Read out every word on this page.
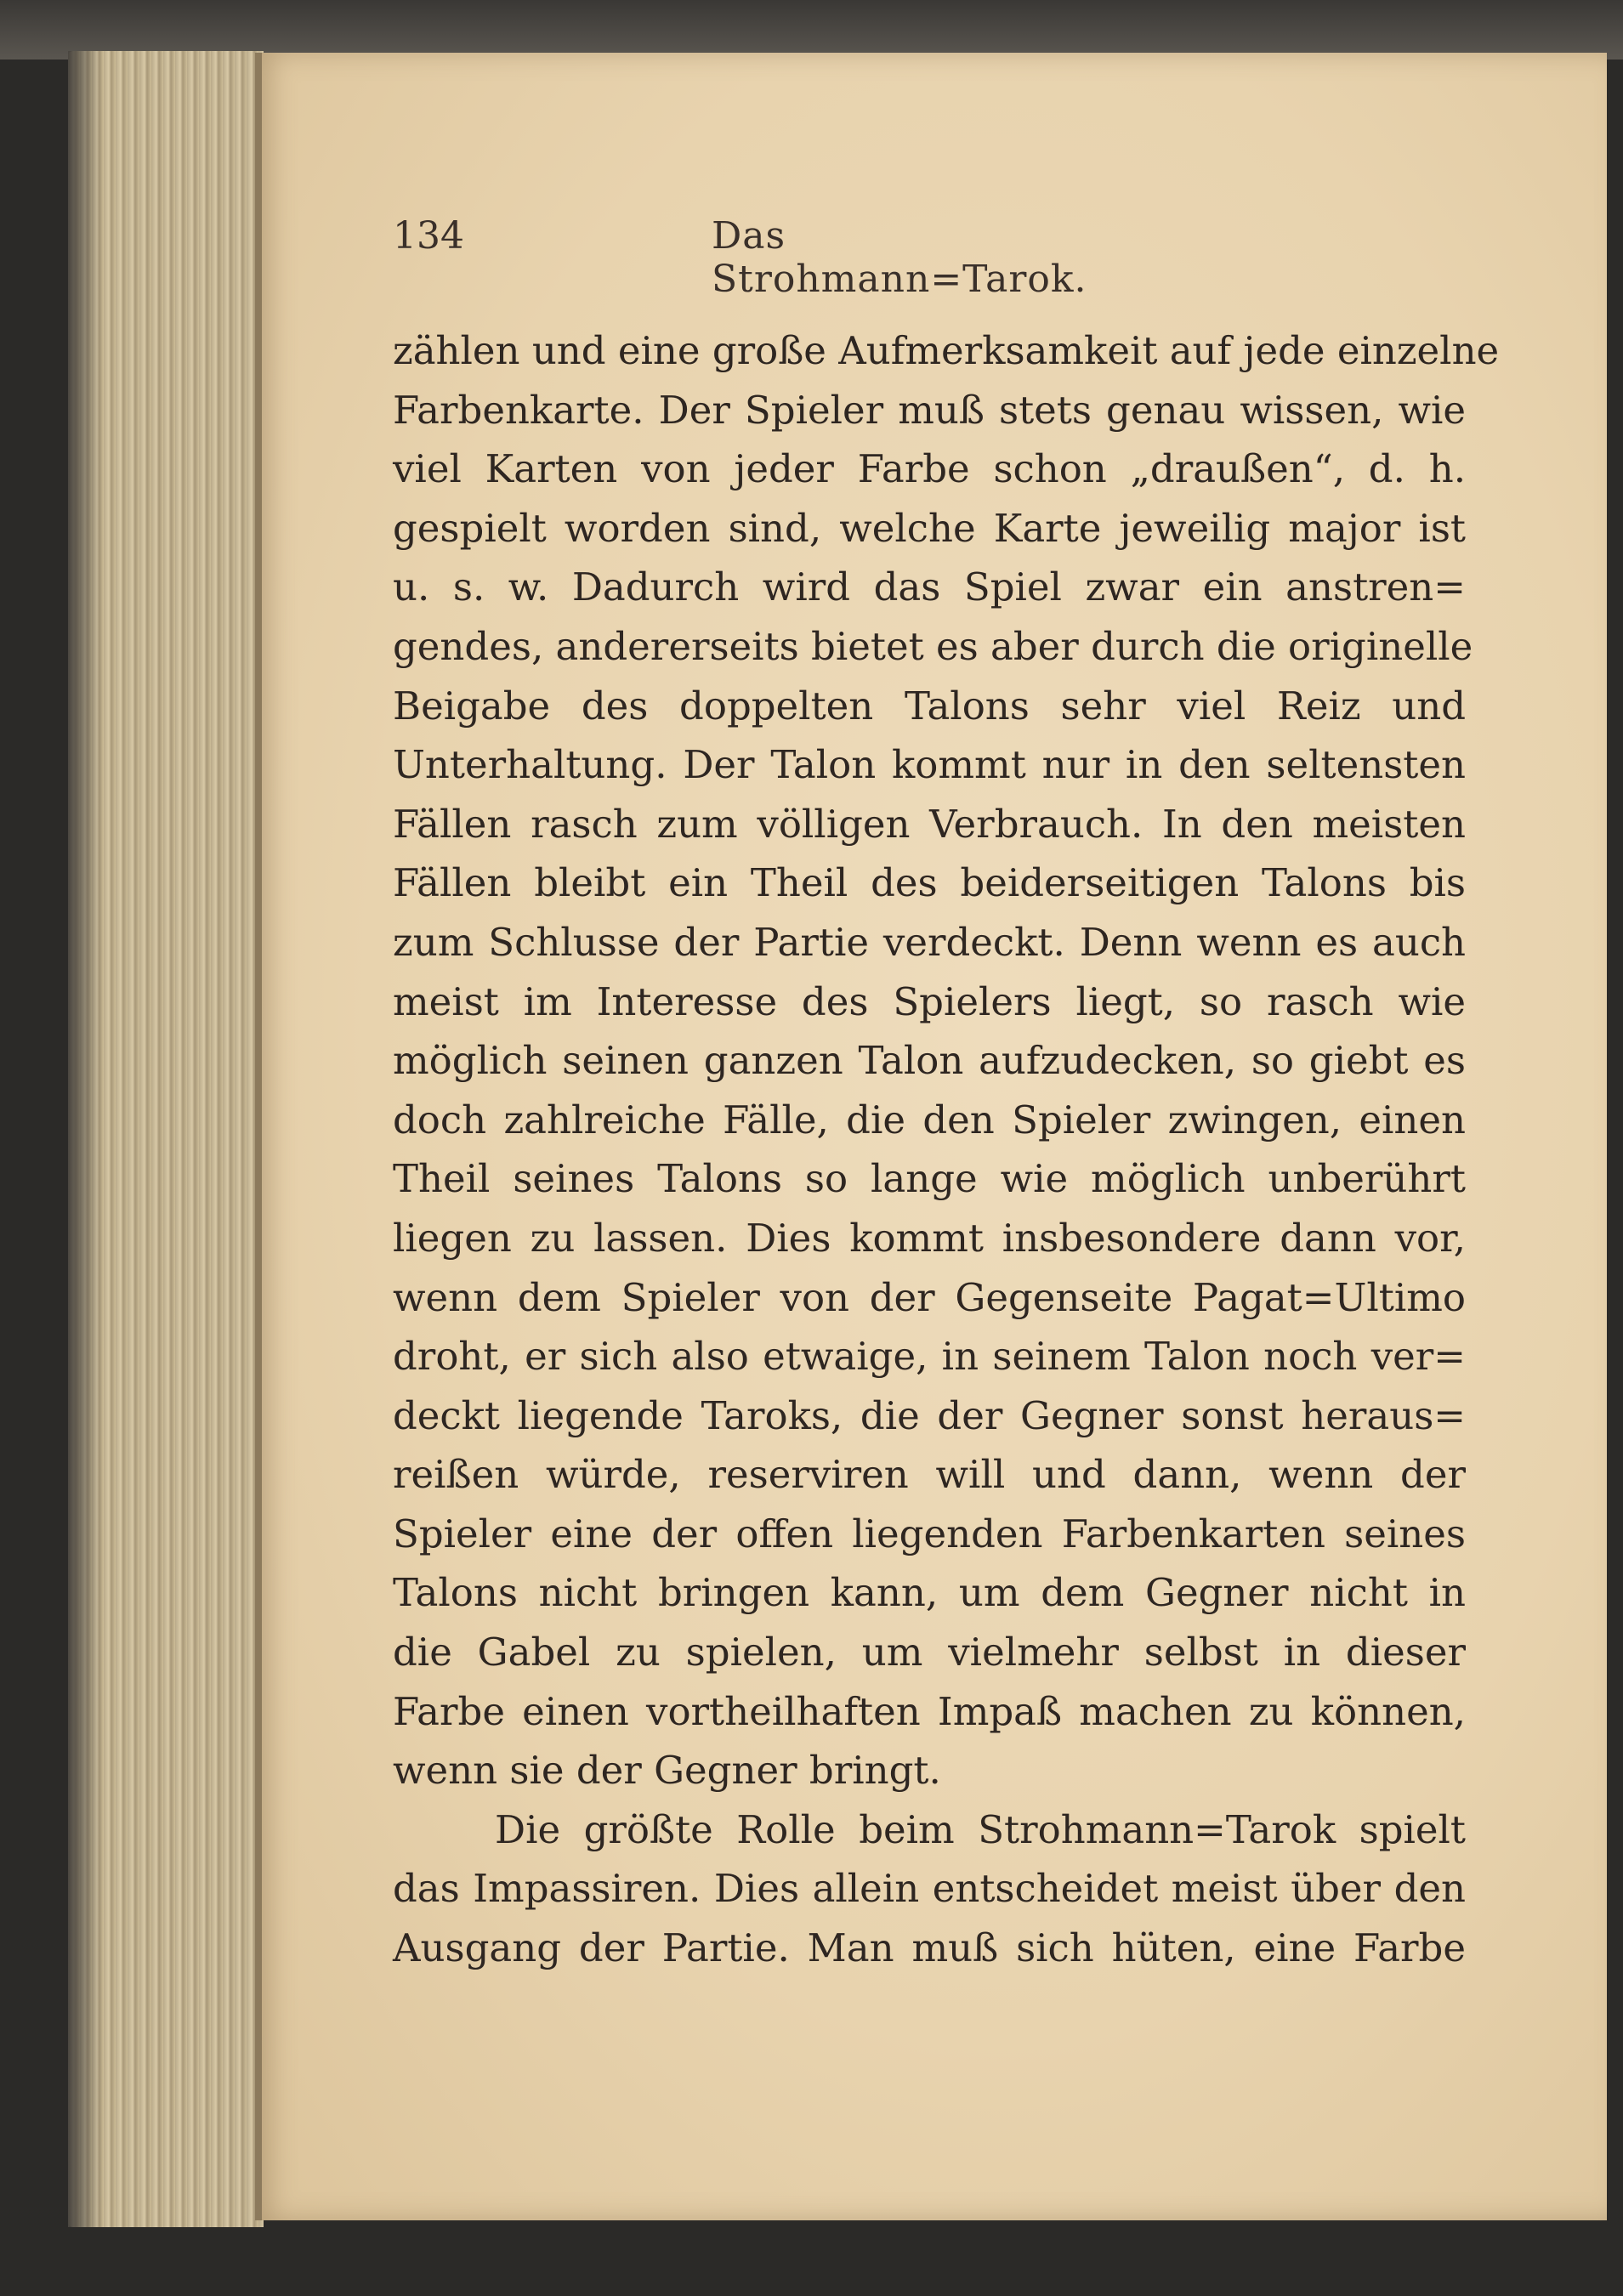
134	Das Strohmann=Tarok.
zählen und eine große Aufmerksamkeit auf jede einzelne
Farbenkarte. Der Spieler muß stets genau wissen, wie
viel Karten von jeder Farbe schon „draußen“, d. h.
gespielt worden sind, welche Karte jeweilig major ist
u. s. w. Dadurch wird das Spiel zwar ein anstren=
gendes, andererseits bietet es aber durch die originelle
Beigabe des doppelten Talons sehr viel Reiz und
Unterhaltung. Der Talon kommt nur in den seltensten
Fällen rasch zum völligen Verbrauch. In den meisten
Fällen bleibt ein Theil des beiderseitigen Talons bis
zum Schlusse der Partie verdeckt. Denn wenn es auch
meist im Interesse des Spielers liegt, so rasch wie
möglich seinen ganzen Talon aufzudecken, so giebt es
doch zahlreiche Fälle, die den Spieler zwingen, einen
Theil seines Talons so lange wie möglich unberührt
liegen zu lassen. Dies kommt insbesondere dann vor,
wenn dem Spieler von der Gegenseite Pagat=Ultimo
droht, er sich also etwaige, in seinem Talon noch ver=
deckt liegende Taroks, die der Gegner sonst heraus=
reißen würde, reserviren will und dann, wenn der
Spieler eine der offen liegenden Farbenkarten seines
Talons nicht bringen kann, um dem Gegner nicht in
die Gabel zu spielen, um vielmehr selbst in dieser
Farbe einen vortheilhaften Impaß machen zu können,
wenn sie der Gegner bringt.
Die größte Rolle beim Strohmann=Tarok spielt
das Impassiren. Dies allein entscheidet meist über den
Ausgang der Partie. Man muß sich hüten, eine Farbe
